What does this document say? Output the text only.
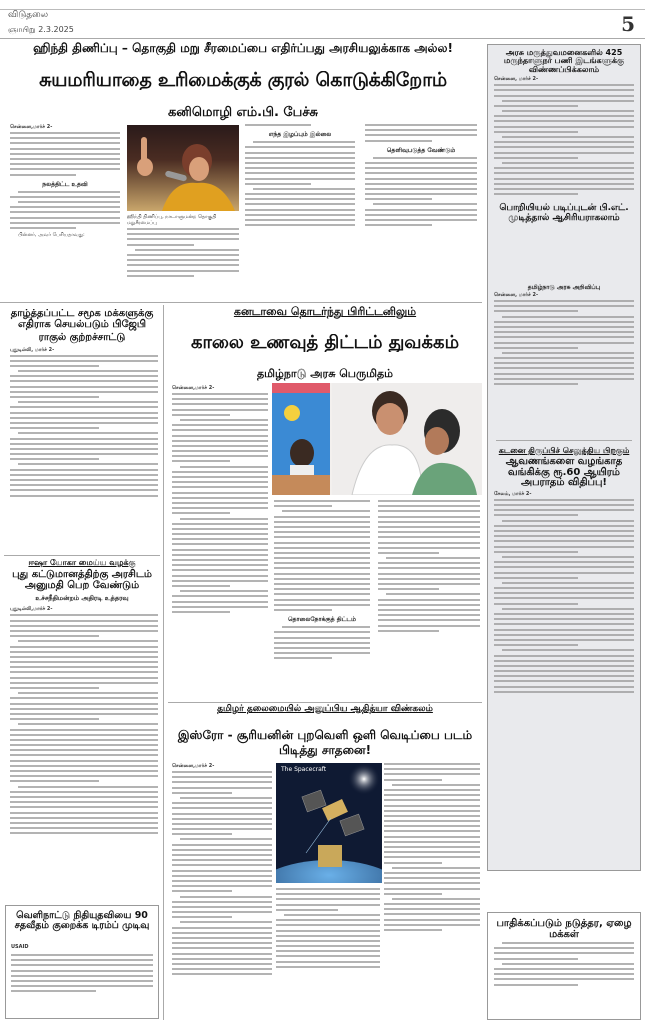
விடுதலை
ஞாயிறு 2.3.2025	5
ஹிந்தி திணிப்பு – தொகுதி மறு சீரமைப்பை எதிர்ப்பது அரசியலுக்காக அல்ல!
சுயமரியாதை உரிமைக்குக் குரல் கொடுக்கிறோம்
கனிமொழி எம்.பி. பேச்சு
சென்னை,மார்ச் 2-
நலத்திட்ட உதவி
பின்னர், அவர் பேசியதாவது:
ஹிந்தி திணிப்பு, நாடாளுமன்ற தொகுதி மறுசீரமைப்பு
எந்த இழப்பும் இல்லை
தெளிவுபடுத்த வேண்டும்
அரசு மருத்துவமனைகளில் 425 மருந்தாளுநர் பணி இடங்களுக்கு விண்ணப்பிக்கலாம்
சென்னை, மார்ச் 2-
பொறியியல் படிப்புடன் பி.எட். முடித்தால் ஆசிரியராகலாம்
தமிழ்நாடு அரசு அறிவிப்பு
சென்னை, மார்ச் 2-
கடனை திருப்பிச் செலுத்திய பிறகும்
ஆவணங்களை வழங்காத வங்கிக்கு ரூ.60 ஆயிரம் அபராதம் விதிப்பு!
சேலம், மார்ச் 2-
பாதிக்கப்படும் நடுத்தர, ஏழை மக்கள்
தாழ்த்தப்பட்ட சமூக மக்களுக்கு எதிராக செயல்படும் பிஜேபி
ராகுல் குற்றச்சாட்டு
புதுடில்லி, மார்ச் 2-
ஈஷா யோகா மைய்ய வழக்கு
புது கட்டுமானத்திற்கு அரசிடம் அனுமதி பெற வேண்டும்
உச்சநீதிமன்றம் அதிரடி உத்தரவு
புதுடில்லி,மார்ச் 2-
வெளிநாட்டு நிதியுதவியை 90 சதவீதம் குறைக்க டிரம்ப் முடிவு
USAID
கனடாவை தொடர்ந்து பிரிட்டனிலும்
காலை உணவுத் திட்டம் துவக்கம்
தமிழ்நாடு அரசு பெருமிதம்
சென்னை,மார்ச் 2-
தொலைநோக்குத் திட்டம்
தமிழர் தலைமையில் அனுப்பிய ஆதித்யா விண்கலம்
இஸ்ரோ - சூரியனின் புறவெளி ஒளி வெடிப்பை படம் பிடித்து சாதனை!
சென்னை,மார்ச் 2-	The Spacecraft
